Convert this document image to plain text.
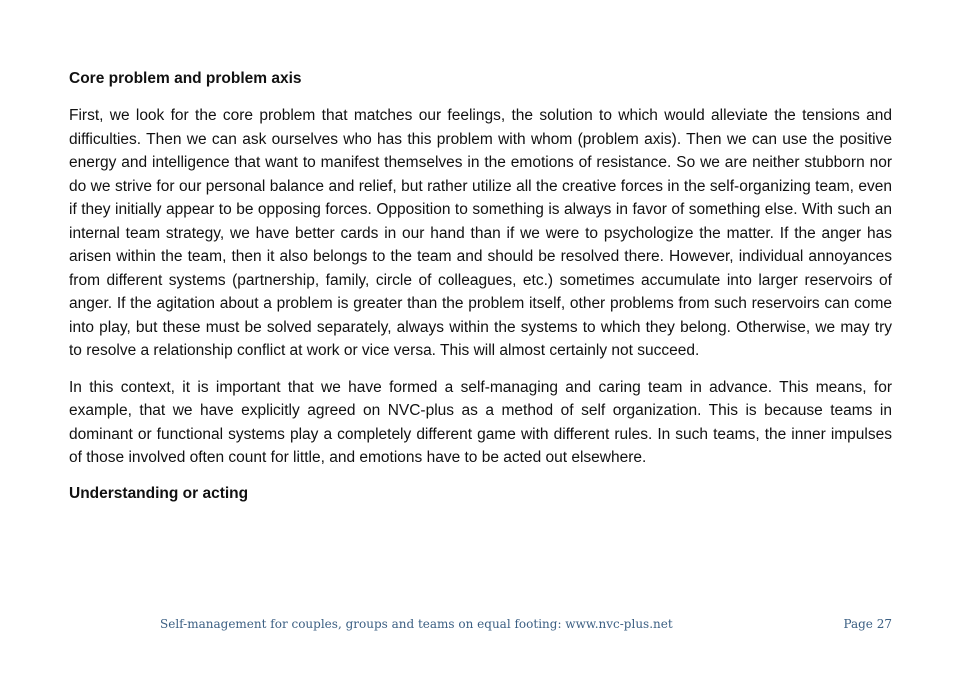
Core problem and problem axis

First, we look for the core problem that matches our feelings, the solution to which would alleviate the tensions and difficulties. Then we can ask ourselves who has this problem with whom (problem axis). Then we can use the positive energy and intelligence that want to manifest themselves in the emotions of resistance. So we are neither stubborn nor do we strive for our personal balance and relief, but rather utilize all the creative forces in the self-organizing team, even if they initially appear to be opposing forces. Opposition to something is always in favor of something else. With such an internal team strategy, we have better cards in our hand than if we were to psychologize the matter. If the anger has arisen within the team, then it also belongs to the team and should be resolved there. However, individual annoyances from different systems (partnership, family, circle of colleagues, etc.) sometimes accumulate into larger reservoirs of anger. If the agitation about a problem is greater than the problem itself, other problems from such reservoirs can come into play, but these must be solved separately, always within the systems to which they belong. Otherwise, we may try to resolve a relationship conflict at work or vice versa. This will almost certainly not succeed.

In this context, it is important that we have formed a self-managing and caring team in advance. This means, for example, that we have explicitly agreed on NVC-plus as a method of self organization. This is because teams in dominant or functional systems play a completely different game with different rules. In such teams, the inner impulses of those involved often count for little, and emotions have to be acted out elsewhere.

Understanding or acting
Self-management for couples, groups and teams on equal footing: www.nvc-plus.net	Page 27
